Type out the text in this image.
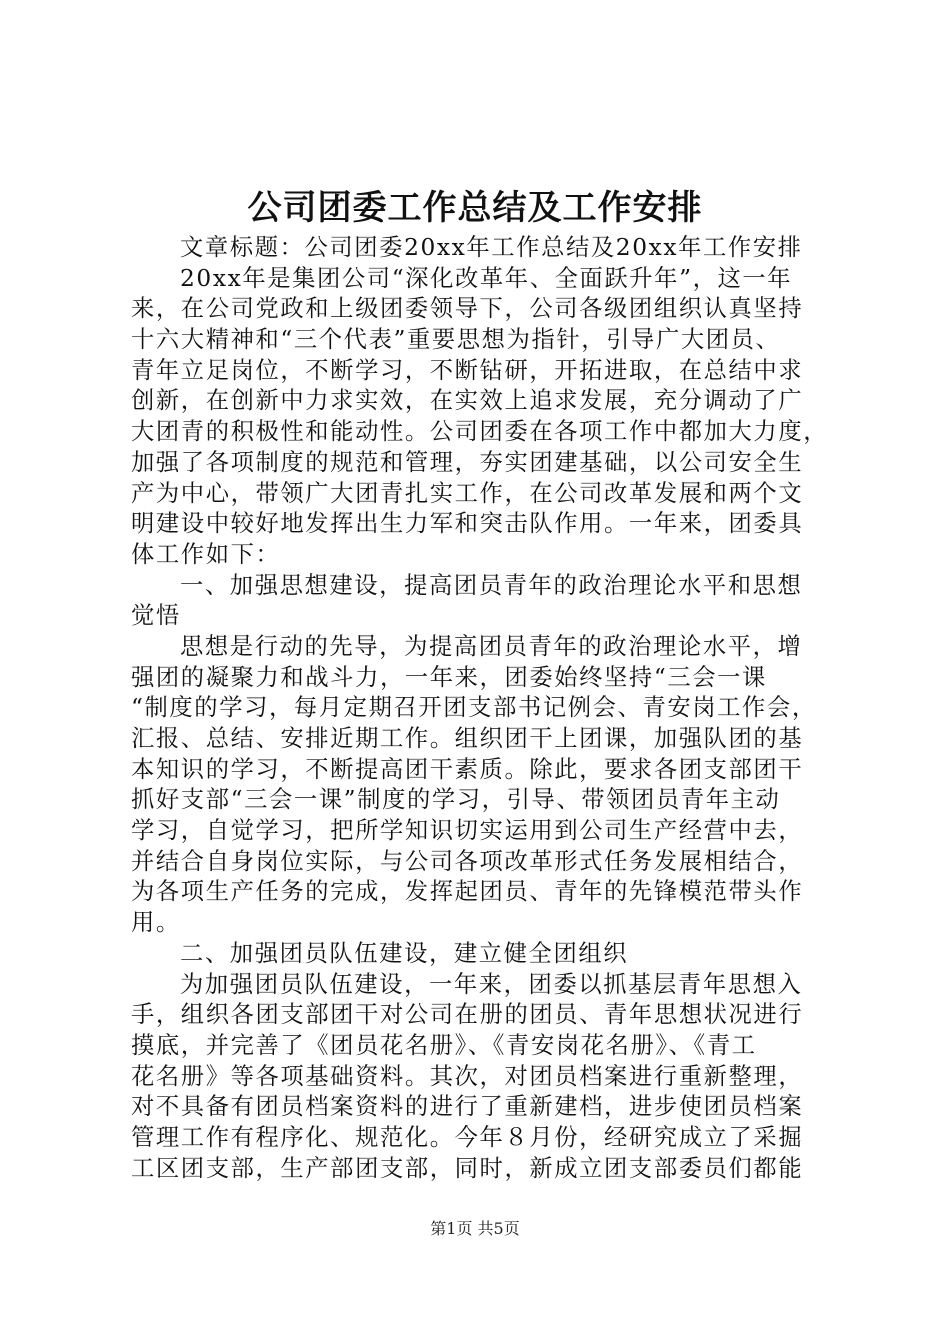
公司团委工作总结及工作安排
文章标题：公司团委20xx年工作总结及20xx年工作安排
20xx年是集团公司“深化改革年、全面跃升年”，这一年
来，在公司党政和上级团委领导下，公司各级团组织认真坚持
十六大精神和“三个代表”重要思想为指针，引导广大团员、
青年立足岗位，不断学习，不断钻研，开拓进取，在总结中求
创新，在创新中力求实效，在实效上追求发展，充分调动了广
大团青的积极性和能动性。公司团委在各项工作中都加大力度，
加强了各项制度的规范和管理，夯实团建基础，以公司安全生
产为中心，带领广大团青扎实工作，在公司改革发展和两个文
明建设中较好地发挥出生力军和突击队作用。一年来，团委具
体工作如下：
一、加强思想建设，提高团员青年的政治理论水平和思想
觉悟
思想是行动的先导，为提高团员青年的政治理论水平，增
强团的凝聚力和战斗力，一年来，团委始终坚持“三会一课
“制度的学习，每月定期召开团支部书记例会、青安岗工作会，
汇报、总结、安排近期工作。组织团干上团课，加强队团的基
本知识的学习，不断提高团干素质。除此，要求各团支部团干
抓好支部“三会一课”制度的学习，引导、带领团员青年主动
学习，自觉学习，把所学知识切实运用到公司生产经营中去，
并结合自身岗位实际，与公司各项改革形式任务发展相结合，
为各项生产任务的完成，发挥起团员、青年的先锋模范带头作
用。
二、加强团员队伍建设，建立健全团组织
为加强团员队伍建设，一年来，团委以抓基层青年思想入
手，组织各团支部团干对公司在册的团员、青年思想状况进行
摸底，并完善了《团员花名册》、《青安岗花名册》、《青工
花名册》等各项基础资料。其次，对团员档案进行重新整理，
对不具备有团员档案资料的进行了重新建档，进步使团员档案
管理工作有程序化、规范化。今年８月份，经研究成立了采掘
工区团支部，生产部团支部，同时，新成立团支部委员们都能
第1页 共5页
